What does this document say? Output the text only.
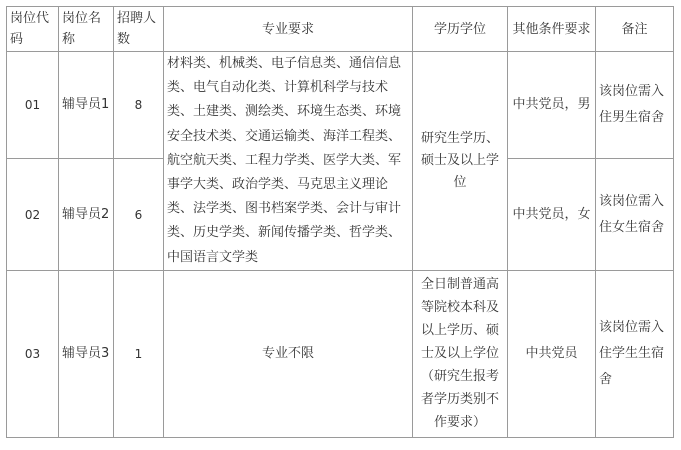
岗位代码	岗位名称	招聘人数	专业要求	学历学位	其他条件要求	备注
01	辅导员1	8	材料类、机械类、电子信息类、通信信息类、电气自动化类、计算机科学与技术类、土建类、测绘类、环境生态类、环境安全技术类、交通运输类、海洋工程类、航空航天类、工程力学类、医学大类、军事学大类、政治学类、马克思主义理论类、法学类、图书档案学类、会计与审计类、历史学类、新闻传播学类、哲学类、中国语言文学类	研究生学历、硕士及以上学位	中共党员，男	该岗位需入住男生宿舍
02	辅导员2	6			中共党员，女	该岗位需入住女生宿舍
03	辅导员3	1	专业不限	全日制普通高等院校本科及以上学历、硕士及以上学位（研究生报考者学历类别不作要求）	中共党员	该岗位需入住学生生宿舍
